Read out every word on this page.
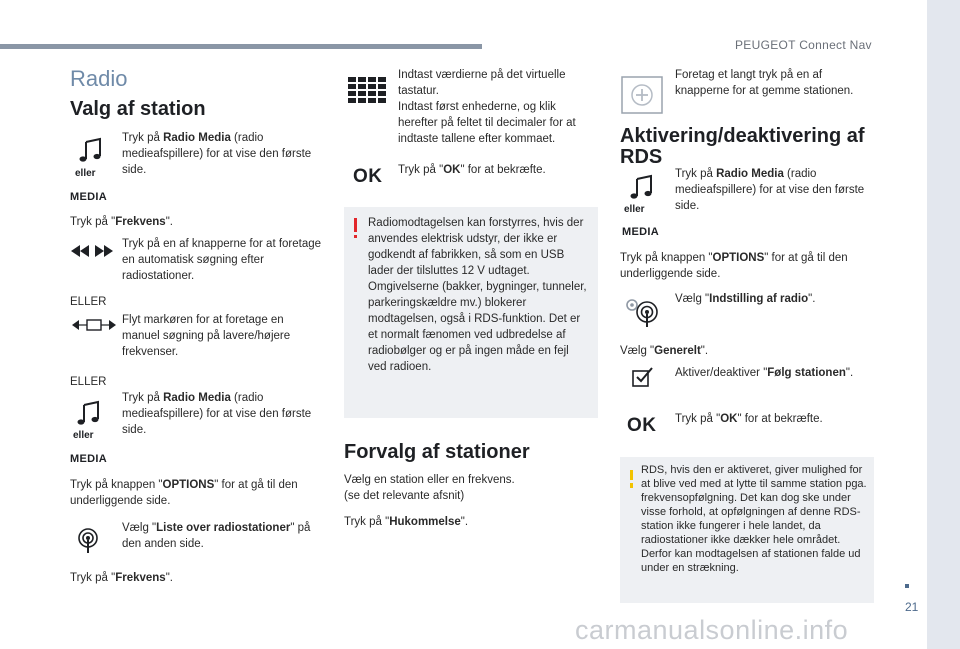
PEUGEOT Connect Nav
21
carmanualsonline.info
Radio
Valg af station
eller
MEDIA
Tryk på Radio Media (radio medieafspillere) for at vise den første side.
Tryk på "Frekvens".
Tryk på en af knapperne for at foretage en automatisk søgning efter radiostationer.
ELLER
Flyt markøren for at foretage en manuel søgning på lavere/højere frekvenser.
ELLER
eller
MEDIA
Tryk på Radio Media (radio medieafspillere) for at vise den første side.
Tryk på knappen "OPTIONS" for at gå til den underliggende side.
Vælg "Liste over radiostationer" på den anden side.
Tryk på "Frekvens".
Indtast værdierne på det virtuelle tastatur.
Indtast først enhederne, og klik herefter på feltet til decimaler for at indtaste tallene efter kommaet.
OK Tryk på "OK" for at bekræfte.
Radiomodtagelsen kan forstyrres, hvis der anvendes elektrisk udstyr, der ikke er godkendt af fabrikken, så som en USB lader der tilsluttes 12 V udtaget. Omgivelserne (bakker, bygninger, tunneler, parkeringskældre mv.) blokerer modtagelsen, også i RDS-funktion. Det er et normalt fænomen ved udbredelse af radiobølger og er på ingen måde en fejl ved radioen.
Forvalg af stationer
Vælg en station eller en frekvens.
(se det relevante afsnit)
Tryk på "Hukommelse".
Foretag et langt tryk på en af knapperne for at gemme stationen.
Aktivering/deaktivering af
RDS
eller
MEDIA
Tryk på Radio Media (radio medieafspillere) for at vise den første side.
Tryk på knappen "OPTIONS" for at gå til den underliggende side.
Vælg "Indstilling af radio".
Vælg "Generelt".
Aktiver/deaktiver "Følg stationen".
OK Tryk på "OK" for at bekræfte.
RDS, hvis den er aktiveret, giver mulighed for at blive ved med at lytte til samme station pga. frekvensopfølgning. Det kan dog ske under visse forhold, at opfølgningen af denne RDS-station ikke fungerer i hele landet, da radiostationer ikke dækker hele området. Derfor kan modtagelsen af stationen falde ud under en strækning.
